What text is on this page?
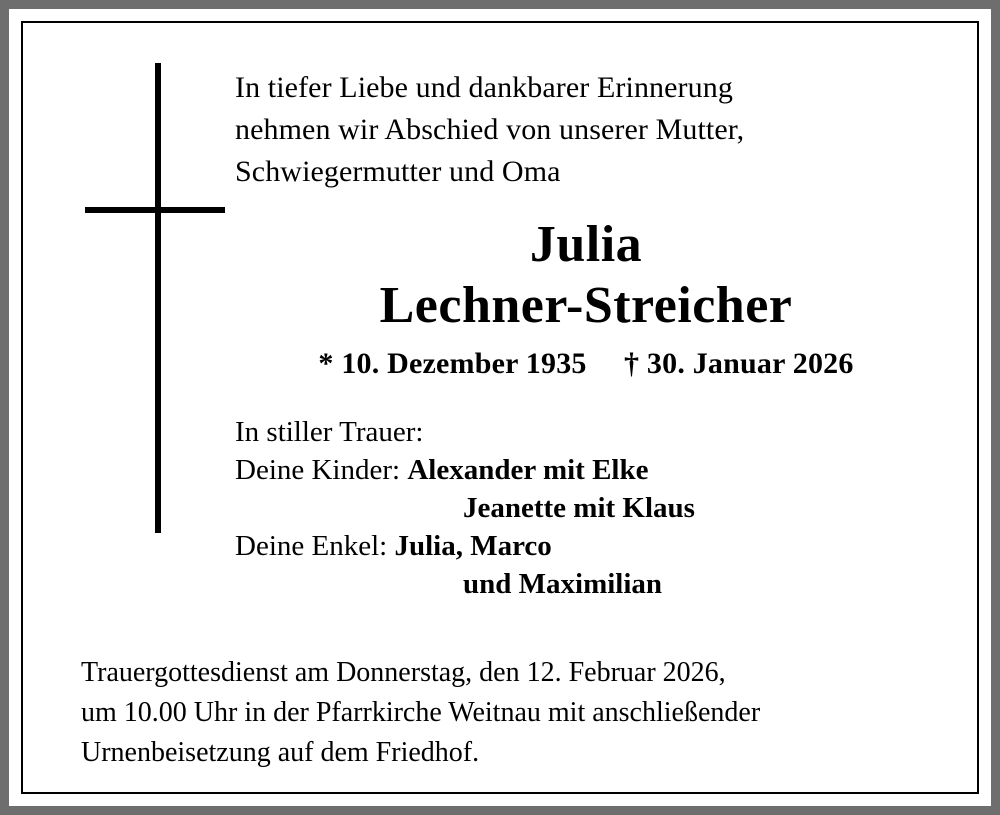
In tiefer Liebe und dankbarer Erinnerung
nehmen wir Abschied von unserer Mutter,
Schwiegermutter und Oma
Julia
Lechner-Streicher
* 10. Dezember 1935 † 30. Januar 2026
In stiller Trauer:
Deine Kinder: Alexander mit Elke
Jeanette mit Klaus
Deine Enkel: Julia, Marco
und Maximilian
Trauergottesdienst am Donnerstag, den 12. Februar 2026,
um 10.00 Uhr in der Pfarrkirche Weitnau mit anschließender
Urnenbeisetzung auf dem Friedhof.
